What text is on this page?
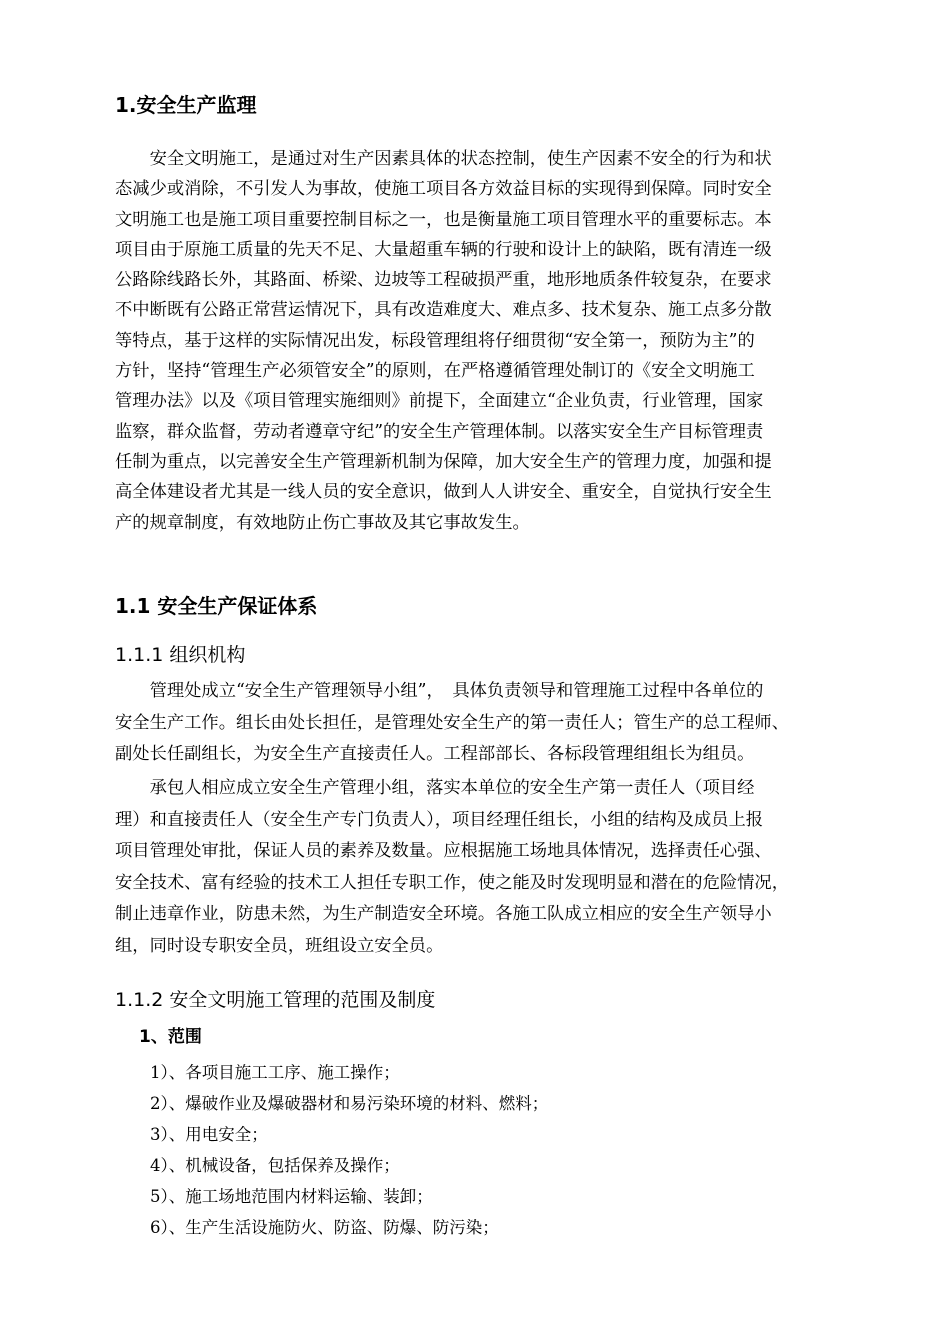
1.安全生产监理
　　安全文明施工，是通过对生产因素具体的状态控制，使生产因素不安全的行为和状
态减少或消除，不引发人为事故，使施工项目各方效益目标的实现得到保障。同时安全
文明施工也是施工项目重要控制目标之一，也是衡量施工项目管理水平的重要标志。本
项目由于原施工质量的先天不足、大量超重车辆的行驶和设计上的缺陷，既有清连一级
公路除线路长外，其路面、桥梁、边坡等工程破损严重，地形地质条件较复杂，在要求
不中断既有公路正常营运情况下，具有改造难度大、难点多、技术复杂、施工点多分散
等特点，基于这样的实际情况出发，标段管理组将仔细贯彻“安全第一，预防为主”的
方针，坚持“管理生产必须管安全”的原则，在严格遵循管理处制订的《安全文明施工
管理办法》以及《项目管理实施细则》前提下，全面建立“企业负责，行业管理，国家
监察，群众监督，劳动者遵章守纪”的安全生产管理体制。以落实安全生产目标管理责
任制为重点，以完善安全生产管理新机制为保障，加大安全生产的管理力度，加强和提
高全体建设者尤其是一线人员的安全意识，做到人人讲安全、重安全，自觉执行安全生
产的规章制度，有效地防止伤亡事故及其它事故发生。
1.1 安全生产保证体系
1.1.1 组织机构
　　管理处成立“安全生产管理领导小组”，　具体负责领导和管理施工过程中各单位的
安全生产工作。组长由处长担任，是管理处安全生产的第一责任人；管生产的总工程师、
副处长任副组长，为安全生产直接责任人。工程部部长、各标段管理组组长为组员。
　　承包人相应成立安全生产管理小组，落实本单位的安全生产第一责任人（项目经
理）和直接责任人（安全生产专门负责人），项目经理任组长，小组的结构及成员上报
项目管理处审批，保证人员的素养及数量。应根据施工场地具体情况，选择责任心强、
安全技术、富有经验的技术工人担任专职工作，使之能及时发现明显和潜在的危险情况，
制止违章作业，防患未然，为生产制造安全环境。各施工队成立相应的安全生产领导小
组，同时设专职安全员，班组设立安全员。
1.1.2 安全文明施工管理的范围及制度
1、范围
1）、各项目施工工序、施工操作；
2）、爆破作业及爆破器材和易污染环境的材料、燃料；
3）、用电安全；
4）、机械设备，包括保养及操作；
5）、施工场地范围内材料运输、装卸；
6）、生产生活设施防火、防盗、防爆、防污染；
